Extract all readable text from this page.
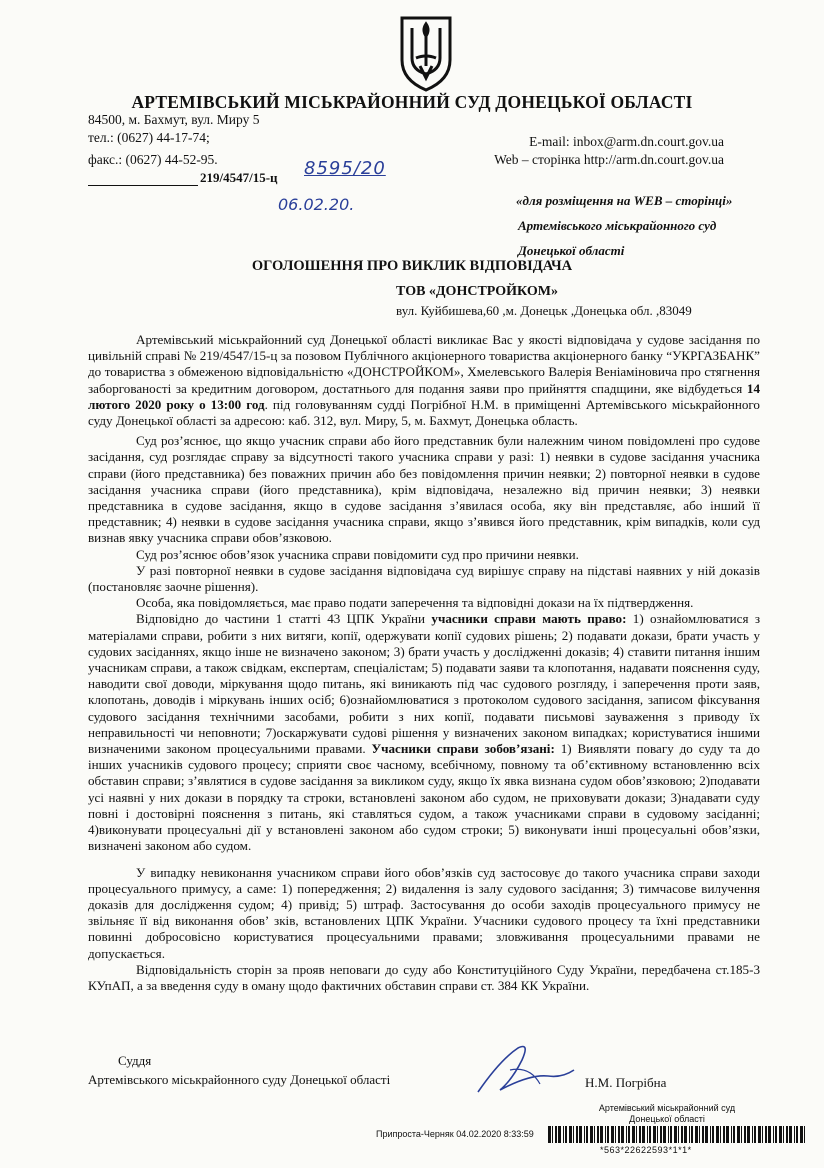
АРТЕМІВСЬКИЙ МІСЬКРАЙОННИЙ СУД ДОНЕЦЬКОЇ ОБЛАСТІ
84500, м. Бахмут, вул. Миру 5
тел.: (0627) 44-17-74;
факс.: (0627) 44-52-95.
E-mail: inbox@arm.dn.court.gov.ua
Web – сторінка http://arm.dn.court.gov.ua
219/4547/15-ц 8595/20
06.02.20.	«для розміщення на WEB – сторінці»
Артемівського міськрайонного суд
Донецької області
ОГОЛОШЕННЯ ПРО ВИКЛИК ВІДПОВІДАЧА
ТОВ «ДОНСТРОЙКОМ»
вул. Куйбишева,60 ,м. Донецьк ,Донецька обл. ,83049

Артемівський міськрайонний суд Донецької області викликає Вас у якості відповідача у судове засідання по цивільній справі № 219/4547/15-ц за позовом Публічного акціонерного товариства акціонерного банку “УКРГАЗБАНК” до товариства з обмеженою відповідальністю «ДОНСТРОЙКОМ», Хмелевського Валерія Веніаміновича про стягнення заборгованості за кредитним договором, достатнього для подання заяви про прийняття спадщини, яке відбудеться 14 лютого 2020 року о 13:00 год. під головуванням судді Погрібної Н.М. в приміщенні Артемівського міськрайонного суду Донецької області за адресою: каб. 312, вул. Миру, 5, м. Бахмут, Донецька область.

Суд роз’яснює, що якщо учасник справи або його представник були належним чином повідомлені про судове засідання, суд розглядає справу за відсутності такого учасника справи у разі: 1) неявки в судове засідання учасника справи (його представника) без поважних причин або без повідомлення причин неявки; 2) повторної неявки в судове засідання учасника справи (його представника), крім відповідача, незалежно від причин неявки; 3) неявки представника в судове засідання, якщо в судове засідання з’явилася особа, яку він представляє, або інший її представник; 4) неявки в судове засідання учасника справи, якщо з’явився його представник, крім випадків, коли суд визнав явку учасника справи обов’язковою.

Суд роз’яснює обов’язок учасника справи повідомити суд про причини неявки.

У разі повторної неявки в судове засідання відповідача суд вирішує справу на підставі наявних у ній доказів (постановляє заочне рішення).

Особа, яка повідомляється, має право подати заперечення та відповідні докази на їх підтвердження.

Відповідно до частини 1 статті 43 ЦПК України учасники справи мають право: 1) ознайомлюватися з матеріалами справи, робити з них витяги, копії, одержувати копії судових рішень; 2) подавати докази, брати участь у судових засіданнях, якщо інше не визначено законом; 3) брати участь у дослідженні доказів; 4) ставити питання іншим учасникам справи, а також свідкам, експертам, спеціалістам; 5) подавати заяви та клопотання, надавати пояснення суду, наводити свої доводи, міркування щодо питань, які виникають під час судового розгляду, і заперечення проти заяв, клопотань, доводів і міркувань інших осіб; 6)ознайомлюватися з протоколом судового засідання, записом фіксування судового засідання технічними засобами, робити з них копії, подавати письмові зауваження з приводу їх неправильності чи неповноти; 7)оскаржувати судові рішення у визначених законом випадках; користуватися іншими визначеними законом процесуальними правами. Учасники справи зобов’язані: 1) Виявляти повагу до суду та до інших учасників судового процесу; сприяти своє часному, всебічному, повному та об’єктивному встановленню всіх обставин справи; з’являтися в судове засідання за викликом суду, якщо їх явка визнана судом обов’язковою; 2)подавати усі наявні у них докази в порядку та строки, встановлені законом або судом, не приховувати докази; 3)надавати суду повні і достовірні пояснення з питань, які ставляться судом, а також учасниками справи в судовому засіданні; 4)виконувати процесуальні дії у встановлені законом або судом строки; 5) виконувати інші процесуальні обов’язки, визначені законом або судом.

У випадку невиконання учасником справи його обов’язків суд застосовує до такого учасника справи заходи процесуального примусу, а саме: 1) попередження; 2) видалення із залу судового засідання; 3) тимчасове вилучення доказів для дослідження судом; 4) привід; 5) штраф. Застосування до особи заходів процесуального примусу не звільняє її від виконання обов’ зків, встановлених ЦПК України. Учасники судового процесу та їхні представники повинні добросовісно користуватися процесуальними правами; зловживання процесуальними правами не допускається.

Відповідальність сторін за прояв неповаги до суду або Конституційного Суду України, передбачена ст.185-3 КУпАП, а за введення суду в оману щодо фактичних обставин справи ст. 384 КК України.

Суддя
Артемівського міськрайонного суду Донецької області	Н.М. Погрібна
Артемівський міськрайонний суд
Донецької області
Припроста-Черняк 04.02.2020 8:33:59
*563*22622593*1*1*
